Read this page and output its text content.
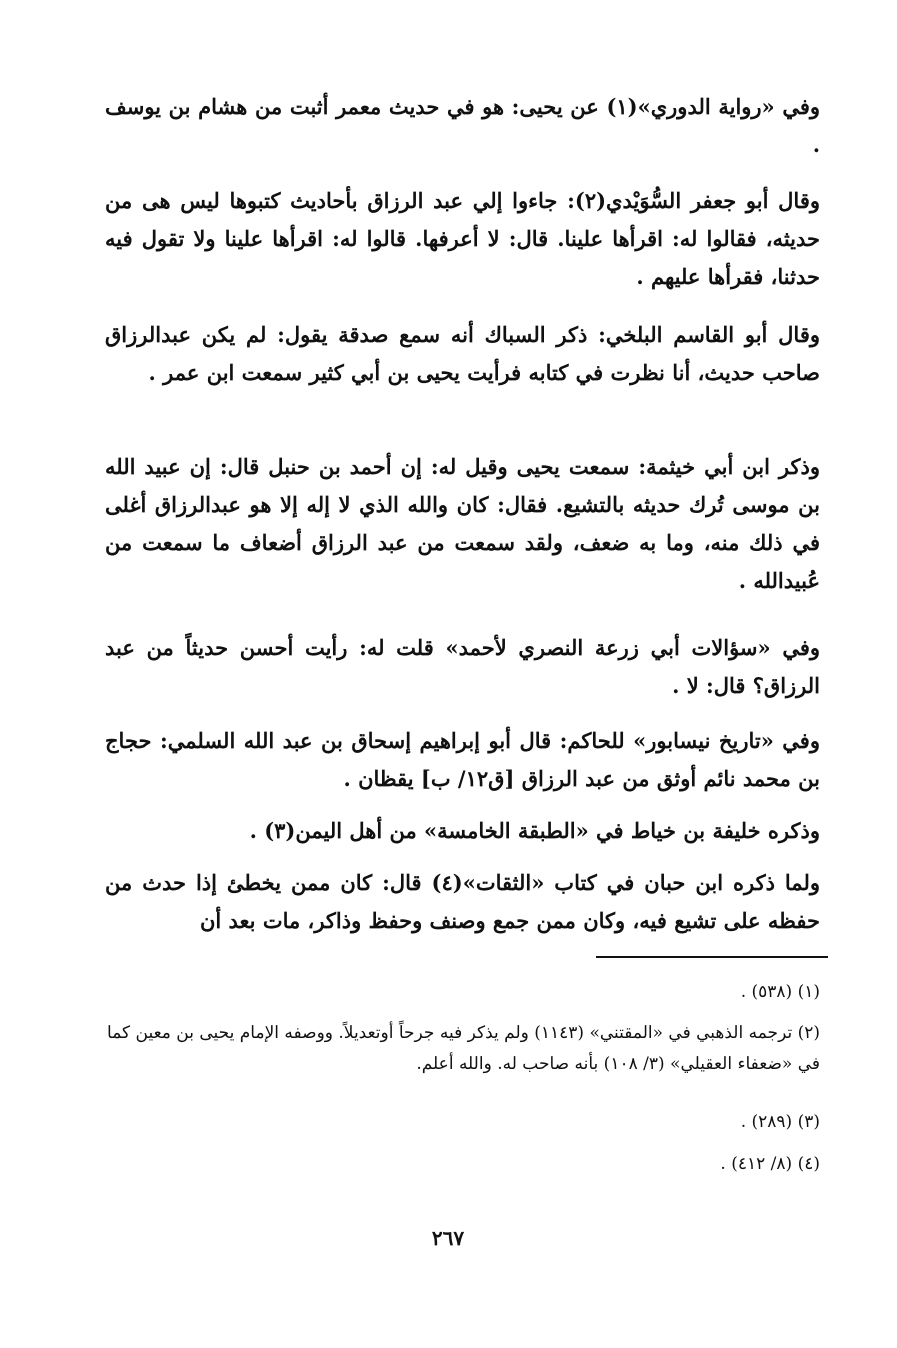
وفي «رواية الدوري»(١) عن يحيى: هو في حديث معمر أثبت من هشام بن يوسف .

وقال أبو جعفر السُّوَيْدي(٢): جاءوا إلي عبد الرزاق بأحاديث كتبوها ليس هى من حديثه، فقالوا له: اقرأها علينا. قال: لا أعرفها. قالوا له: اقرأها علينا ولا تقول فيه حدثنا، فقرأها عليهم .

وقال أبو القاسم البلخي: ذكر السباك أنه سمع صدقة يقول: لم يكن عبدالرزاق صاحب حديث، أنا نظرت في كتابه فرأيت يحيى بن أبي كثير سمعت ابن عمر .

وذكر ابن أبي خيثمة: سمعت يحيى وقيل له: إن أحمد بن حنبل قال: إن عبيد الله بن موسى تُرك حديثه بالتشيع. فقال: كان والله الذي لا إله إلا هو عبدالرزاق أغلى في ذلك منه، وما به ضعف، ولقد سمعت من عبد الرزاق أضعاف ما سمعت من عُبيدالله .

وفي «سؤالات أبي زرعة النصري لأحمد» قلت له: رأيت أحسن حديثاً من عبد الرزاق؟ قال: لا .

وفي «تاريخ نيسابور» للحاكم: قال أبو إبراهيم إسحاق بن عبد الله السلمي: حجاج بن محمد نائم أوثق من عبد الرزاق [ق١٢/ ب] يقظان .

وذكره خليفة بن خياط في «الطبقة الخامسة» من أهل اليمن(٣) .

ولما ذكره ابن حبان في كتاب «الثقات»(٤) قال: كان ممن يخطئ إذا حدث من حفظه على تشيع فيه، وكان ممن جمع وصنف وحفظ وذاكر، مات بعد أن

(١) (٥٣٨) .

(٢) ترجمه الذهبي في «المقتني» (١١٤٣) ولم يذكر فيه جرحاً أوتعديلاً. ووصفه الإمام يحيى بن معين كما في «ضعفاء العقيلي» (٣/ ١٠٨) بأنه صاحب له. والله أعلم.

(٣) (٢٨٩) .

(٤) (٨/ ٤١٢) .

٢٦٧
